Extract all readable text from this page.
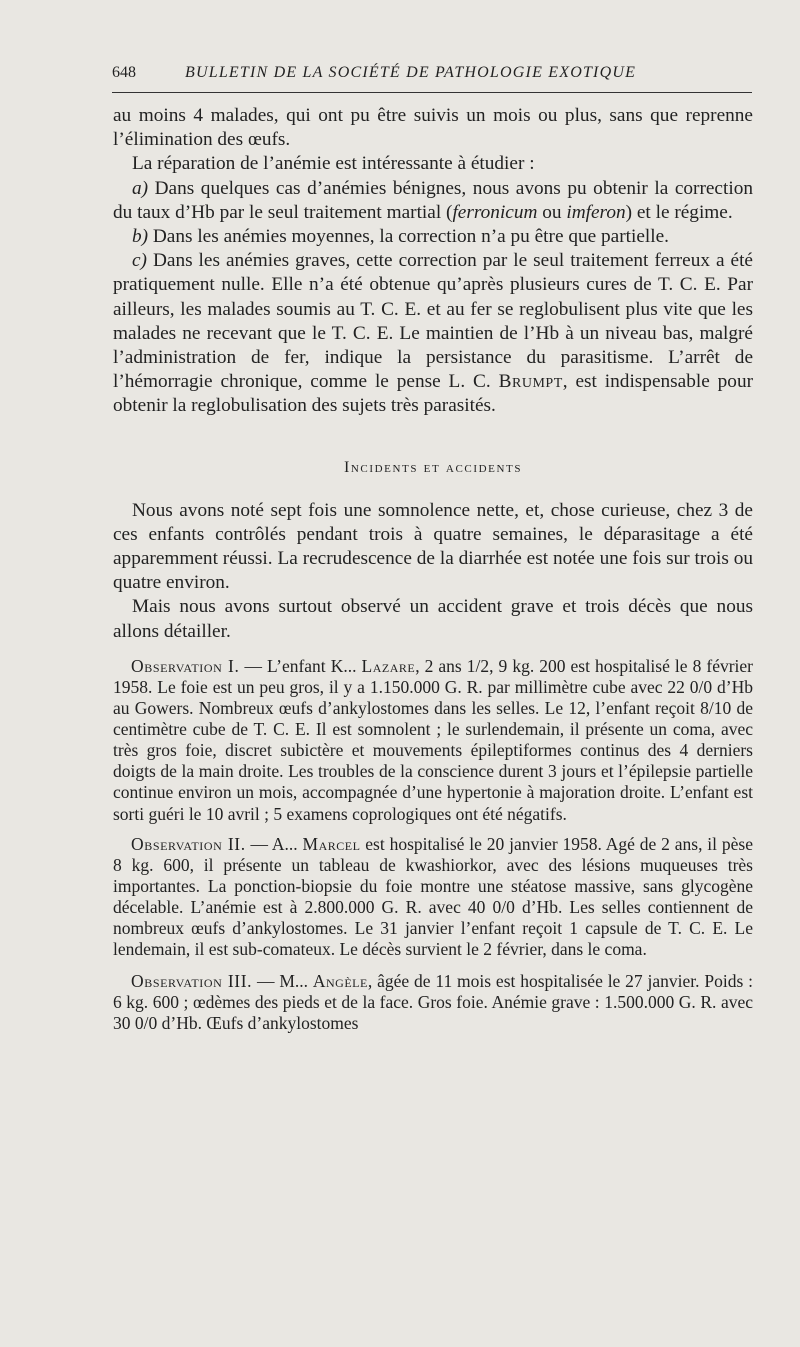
648	BULLETIN DE LA SOCIÉTÉ DE PATHOLOGIE EXOTIQUE

au moins 4 malades, qui ont pu être suivis un mois ou plus, sans que reprenne l’élimination des œufs.

La réparation de l’anémie est intéressante à étudier :

a) Dans quelques cas d’anémies bénignes, nous avons pu obtenir la correction du taux d’Hb par le seul traitement martial (ferronicum ou imferon) et le régime.

b) Dans les anémies moyennes, la correction n’a pu être que partielle.

c) Dans les anémies graves, cette correction par le seul traitement ferreux a été pratiquement nulle. Elle n’a été obtenue qu’après plusieurs cures de T. C. E. Par ailleurs, les malades soumis au T. C. E. et au fer se reglobulisent plus vite que les malades ne recevant que le T. C. E. Le maintien de l’Hb à un niveau bas, malgré l’administration de fer, indique la persistance du parasitisme. L’arrêt de l’hémorragie chronique, comme le pense L. C. Brumpt, est indispensable pour obtenir la reglobulisation des sujets très parasités.

Incidents et accidents

Nous avons noté sept fois une somnolence nette, et, chose curieuse, chez 3 de ces enfants contrôlés pendant trois à quatre semaines, le déparasitage a été apparemment réussi. La recrudescence de la diarrhée est notée une fois sur trois ou quatre environ.

Mais nous avons surtout observé un accident grave et trois décès que nous allons détailler.

Observation I. — L’enfant K... Lazare, 2 ans 1/2, 9 kg. 200 est hospitalisé le 8 février 1958. Le foie est un peu gros, il y a 1.150.000 G. R. par millimètre cube avec 22 0/0 d’Hb au Gowers. Nombreux œufs d’ankylostomes dans les selles. Le 12, l’enfant reçoit 8/10 de centimètre cube de T. C. E. Il est somnolent ; le surlendemain, il présente un coma, avec très gros foie, discret subictère et mouvements épileptiformes continus des 4 derniers doigts de la main droite. Les troubles de la conscience durent 3 jours et l’épilepsie partielle continue environ un mois, accompagnée d’une hypertonie à majoration droite. L’enfant est sorti guéri le 10 avril ; 5 examens coprologiques ont été négatifs.

Observation II. — A... Marcel est hospitalisé le 20 janvier 1958. Agé de 2 ans, il pèse 8 kg. 600, il présente un tableau de kwashiorkor, avec des lésions muqueuses très importantes. La ponction-biopsie du foie montre une stéatose massive, sans glycogène décelable. L’anémie est à 2.800.000 G. R. avec 40 0/0 d’Hb. Les selles contiennent de nombreux œufs d’ankylostomes. Le 31 janvier l’enfant reçoit 1 capsule de T. C. E. Le lendemain, il est sub-comateux. Le décès survient le 2 février, dans le coma.

Observation III. — M... Angèle, âgée de 11 mois est hospitalisée le 27 janvier. Poids : 6 kg. 600 ; œdèmes des pieds et de la face. Gros foie. Anémie grave : 1.500.000 G. R. avec 30 0/0 d’Hb. Œufs d’ankylostomes
